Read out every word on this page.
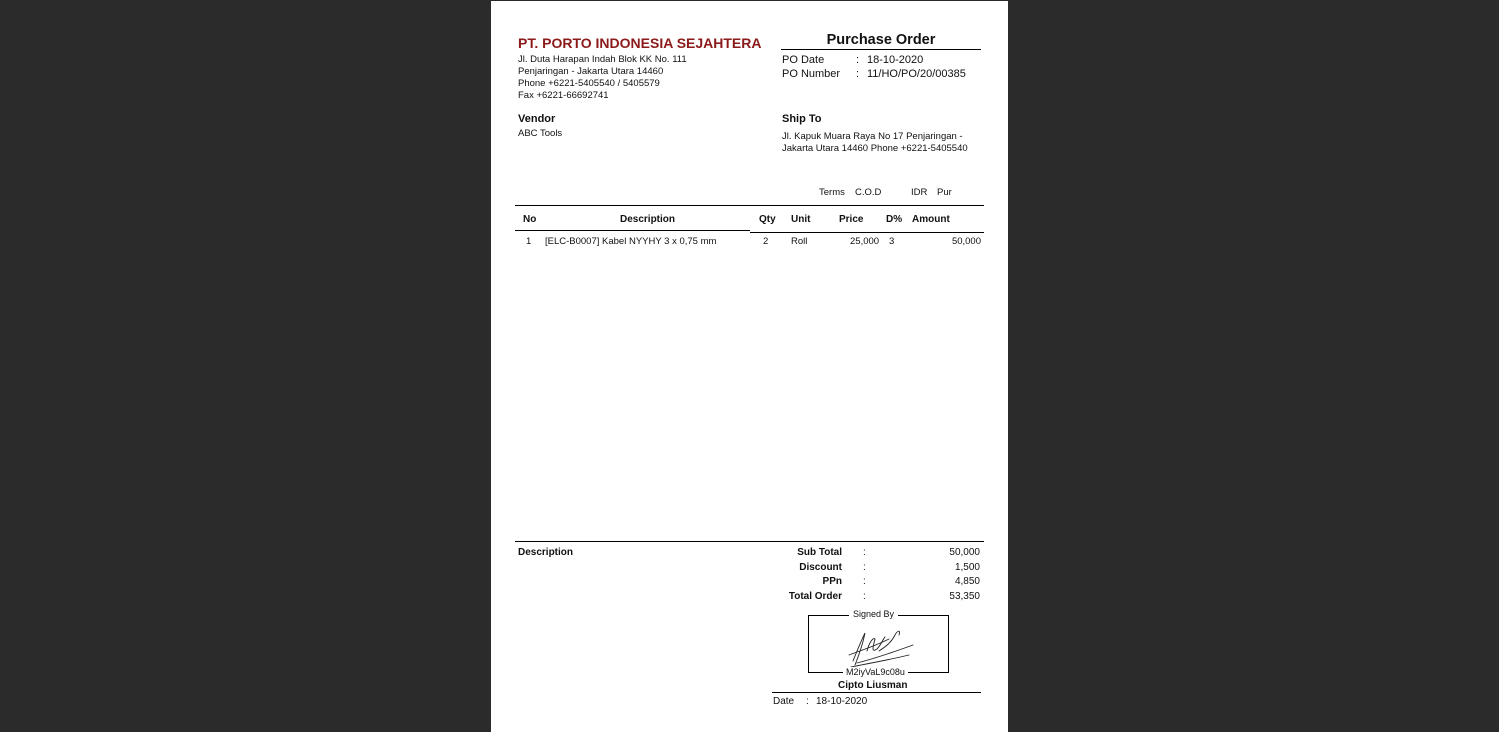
PT. PORTO INDONESIA SEJAHTERA
Jl. Duta Harapan Indah Blok KK No. 111
Penjaringan - Jakarta Utara 14460
Phone +6221-5405540 / 5405579
Fax +6221-66692741
Purchase Order
PO Date	: 18-10-2020
PO Number : 11/HO/PO/20/00385
Vendor
ABC Tools
Ship To
Jl. Kapuk Muara Raya No 17 Penjaringan - Jakarta Utara 14460 Phone +6221-5405540
Terms C.O.D	IDR Pur
No	Description	Qty Unit	Price D% Amount
1 [ELC-B0007] Kabel NYYHY 3 x 0,75 mm	2 Roll	25,000 3	50,000
Description	Sub Total :	50,000
Discount :	1,500
PPn :	4,850
Total Order :	53,350
Signed By
M2iyVaL9c08u
Cipto Liusman
Date : 18-10-2020
